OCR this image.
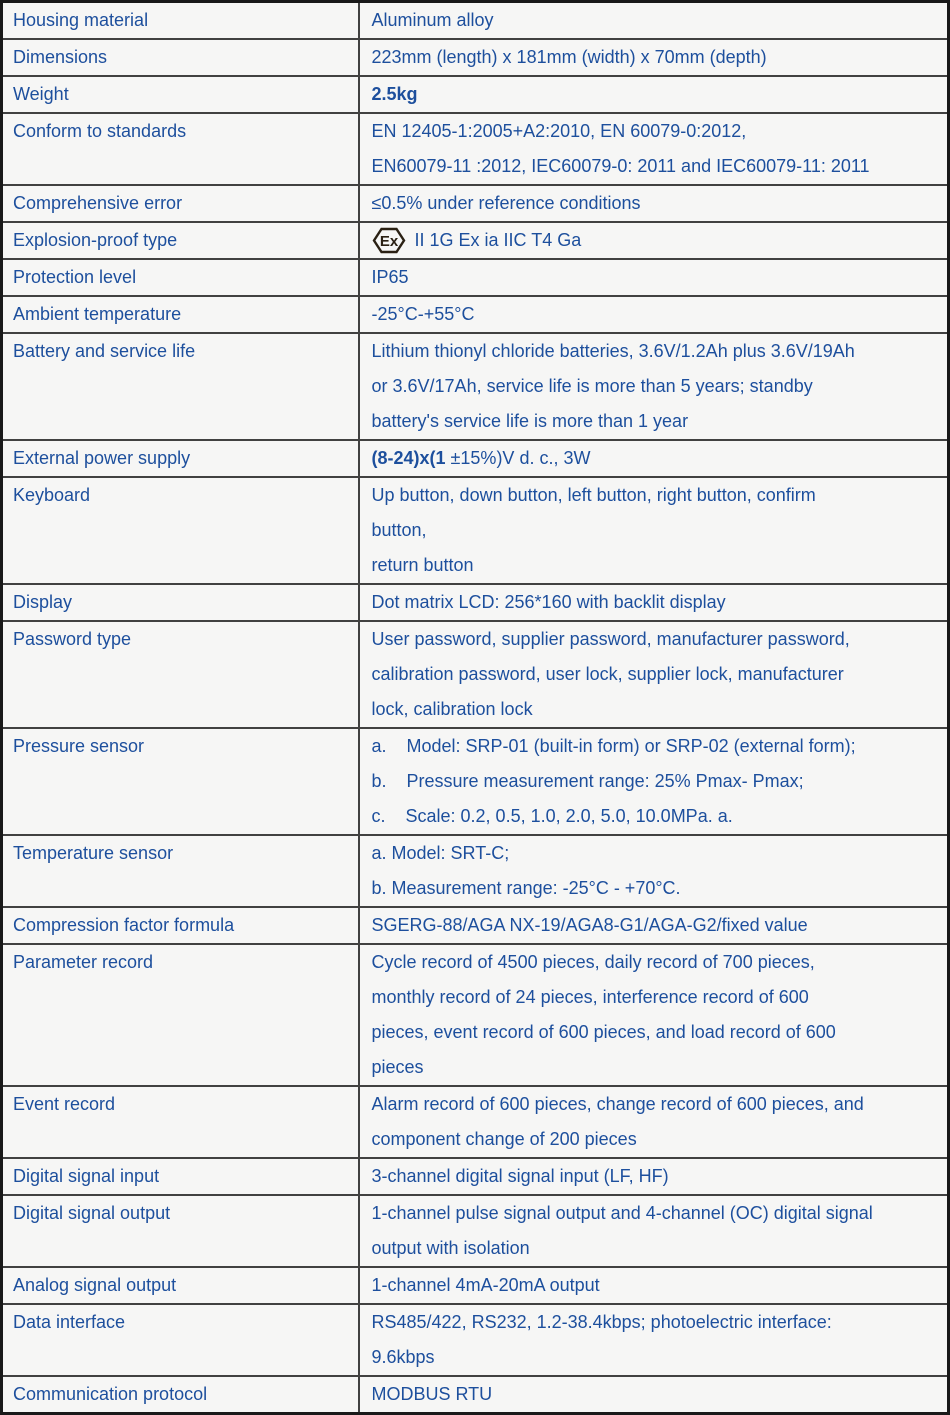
Housing material	Aluminum alloy

Dimensions	223mm (length) x 181mm (width) x 70mm (depth)

Weight	2.5kg

Conform to standards	EN 12405-1:2005+A2:2010, EN 60079-0:2012,
EN60079-11 :2012, IEC60079-0: 2011 and IEC60079-11: 2011

Comprehensive error	≤0.5% under reference conditions

Explosion-proof type	Ex II 1G Ex ia IIC T4 Ga

Protection level	IP65

Ambient temperature	-25°C-+55°C

Battery and service life	Lithium thionyl chloride batteries, 3.6V/1.2Ah plus 3.6V/19Ah
or 3.6V/17Ah, service life is more than 5 years; standby
battery's service life is more than 1 year

External power supply	(8-24)x(1 ±15%)V d. c., 3W

Keyboard	Up button, down button, left button, right button, confirm
button,
return button

Display	Dot matrix LCD: 256*160 with backlit display

Password type	User password, supplier password, manufacturer password,
calibration password, user lock, supplier lock, manufacturer
lock, calibration lock

Pressure sensor	a.    Model: SRP-01 (built-in form) or SRP-02 (external form);
b.    Pressure measurement range: 25% Pmax- Pmax;
c.    Scale: 0.2, 0.5, 1.0, 2.0, 5.0, 10.0MPa. a.

Temperature sensor	a. Model: SRT-C;
b. Measurement range: -25°C - +70°C.

Compression factor formula	SGERG-88/AGA NX-19/AGA8-G1/AGA-G2/fixed value

Parameter record	Cycle record of 4500 pieces, daily record of 700 pieces,
monthly record of 24 pieces, interference record of 600
pieces, event record of 600 pieces, and load record of 600
pieces

Event record	Alarm record of 600 pieces, change record of 600 pieces, and
component change of 200 pieces

Digital signal input	3-channel digital signal input (LF, HF)

Digital signal output	1-channel pulse signal output and 4-channel (OC) digital signal
output with isolation

Analog signal output	1-channel 4mA-20mA output

Data interface	RS485/422, RS232, 1.2-38.4kbps; photoelectric interface:
9.6kbps

Communication protocol	MODBUS RTU
